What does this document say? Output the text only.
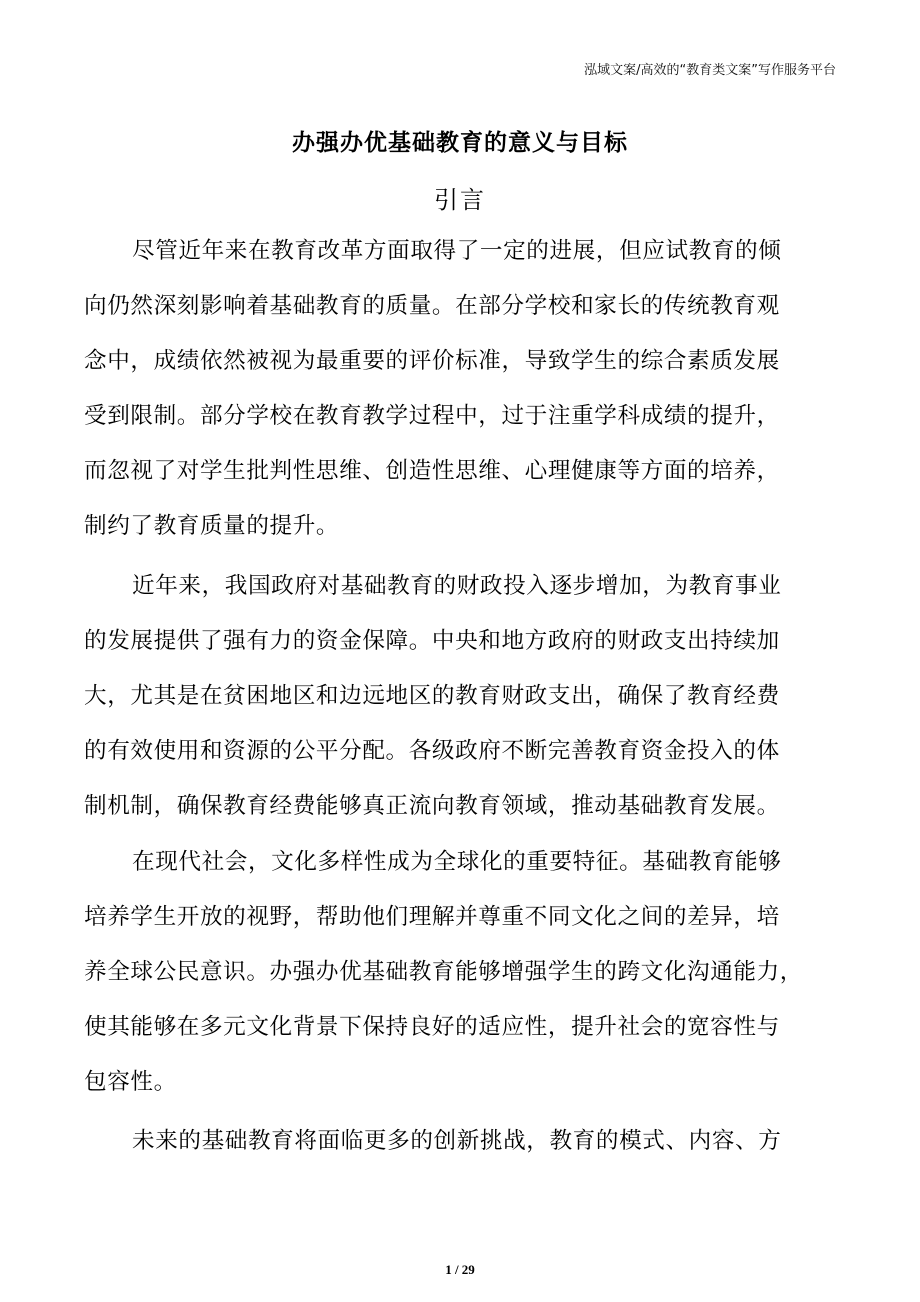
泓域文案/高效的“教育类文案”写作服务平台
办强办优基础教育的意义与目标
引言
尽管近年来在教育改革方面取得了一定的进展，但应试教育的倾
向仍然深刻影响着基础教育的质量。在部分学校和家长的传统教育观
念中，成绩依然被视为最重要的评价标准，导致学生的综合素质发展
受到限制。部分学校在教育教学过程中，过于注重学科成绩的提升，
而忽视了对学生批判性思维、创造性思维、心理健康等方面的培养，
制约了教育质量的提升。
近年来，我国政府对基础教育的财政投入逐步增加，为教育事业
的发展提供了强有力的资金保障。中央和地方政府的财政支出持续加
大，尤其是在贫困地区和边远地区的教育财政支出，确保了教育经费
的有效使用和资源的公平分配。各级政府不断完善教育资金投入的体
制机制，确保教育经费能够真正流向教育领域，推动基础教育发展。
在现代社会，文化多样性成为全球化的重要特征。基础教育能够
培养学生开放的视野，帮助他们理解并尊重不同文化之间的差异，培
养全球公民意识。办强办优基础教育能够增强学生的跨文化沟通能力，
使其能够在多元文化背景下保持良好的适应性，提升社会的宽容性与
包容性。
未来的基础教育将面临更多的创新挑战，教育的模式、内容、方
1 / 29
